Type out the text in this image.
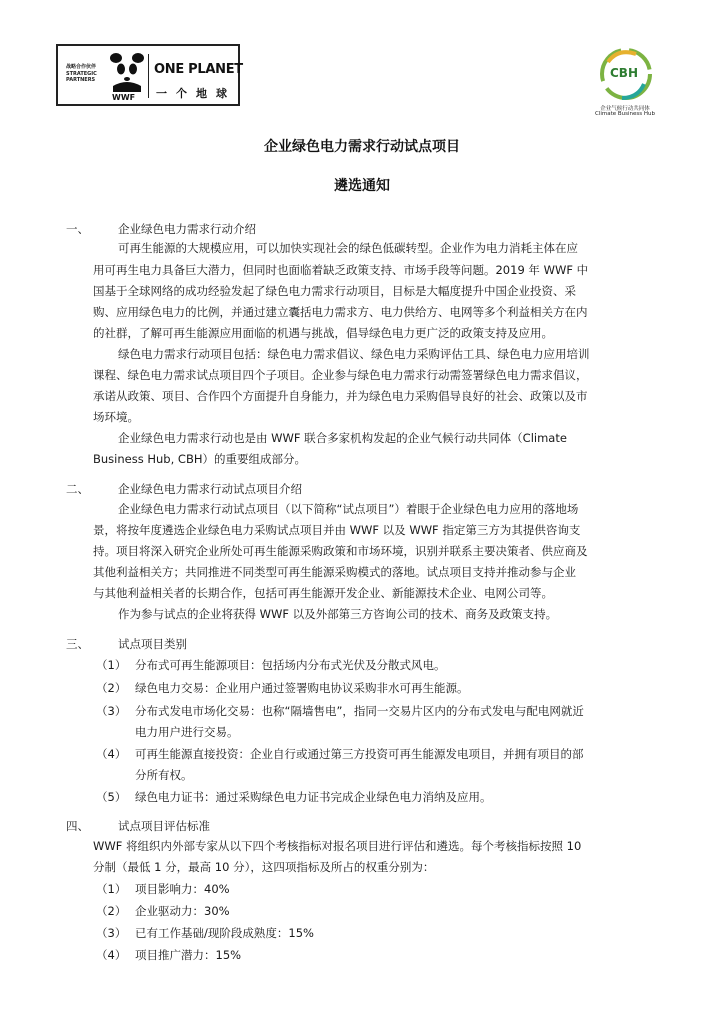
战略合作伙伴
STRATEGIC
PARTNERS
WWF
ONE PLANET
一个地球
CBH
企业气候行动共同体
Climate Business Hub
企业绿色电力需求行动试点项目
遴选通知
一、	企业绿色电力需求行动介绍
可再生能源的大规模应用，可以加快实现社会的绿色低碳转型。企业作为电力消耗主体在应
用可再生电力具备巨大潜力，但同时也面临着缺乏政策支持、市场手段等问题。2019 年 WWF 中
国基于全球网络的成功经验发起了绿色电力需求行动项目，目标是大幅度提升中国企业投资、采
购、应用绿色电力的比例，并通过建立囊括电力需求方、电力供给方、电网等多个利益相关方在内
的社群，了解可再生能源应用面临的机遇与挑战，倡导绿色电力更广泛的政策支持及应用。
绿色电力需求行动项目包括：绿色电力需求倡议、绿色电力采购评估工具、绿色电力应用培训
课程、绿色电力需求试点项目四个子项目。企业参与绿色电力需求行动需签署绿色电力需求倡议，
承诺从政策、项目、合作四个方面提升自身能力，并为绿色电力采购倡导良好的社会、政策以及市
场环境。
企业绿色电力需求行动也是由 WWF 联合多家机构发起的企业气候行动共同体（Climate
Business Hub, CBH）的重要组成部分。
二、	企业绿色电力需求行动试点项目介绍
企业绿色电力需求行动试点项目（以下简称“试点项目”）着眼于企业绿色电力应用的落地场
景，将按年度遴选企业绿色电力采购试点项目并由 WWF 以及 WWF 指定第三方为其提供咨询支
持。项目将深入研究企业所处可再生能源采购政策和市场环境，识别并联系主要决策者、供应商及
其他利益相关方；共同推进不同类型可再生能源采购模式的落地。试点项目支持并推动参与企业
与其他利益相关者的长期合作，包括可再生能源开发企业、新能源技术企业、电网公司等。
作为参与试点的企业将获得 WWF 以及外部第三方咨询公司的技术、商务及政策支持。
三、	试点项目类别
（1） 分布式可再生能源项目：包括场内分布式光伏及分散式风电。
（2） 绿色电力交易：企业用户通过签署购电协议采购非水可再生能源。
（3） 分布式发电市场化交易：也称“隔墙售电”，指同一交易片区内的分布式发电与配电网就近
电力用户进行交易。
（4） 可再生能源直接投资：企业自行或通过第三方投资可再生能源发电项目，并拥有项目的部
分所有权。
（5） 绿色电力证书：通过采购绿色电力证书完成企业绿色电力消纳及应用。
四、	试点项目评估标准
WWF 将组织内外部专家从以下四个考核指标对报名项目进行评估和遴选。每个考核指标按照 10
分制（最低 1 分，最高 10 分），这四项指标及所占的权重分别为：
（1） 项目影响力：40%
（2） 企业驱动力：30%
（3） 已有工作基础/现阶段成熟度：15%
（4） 项目推广潜力：15%
